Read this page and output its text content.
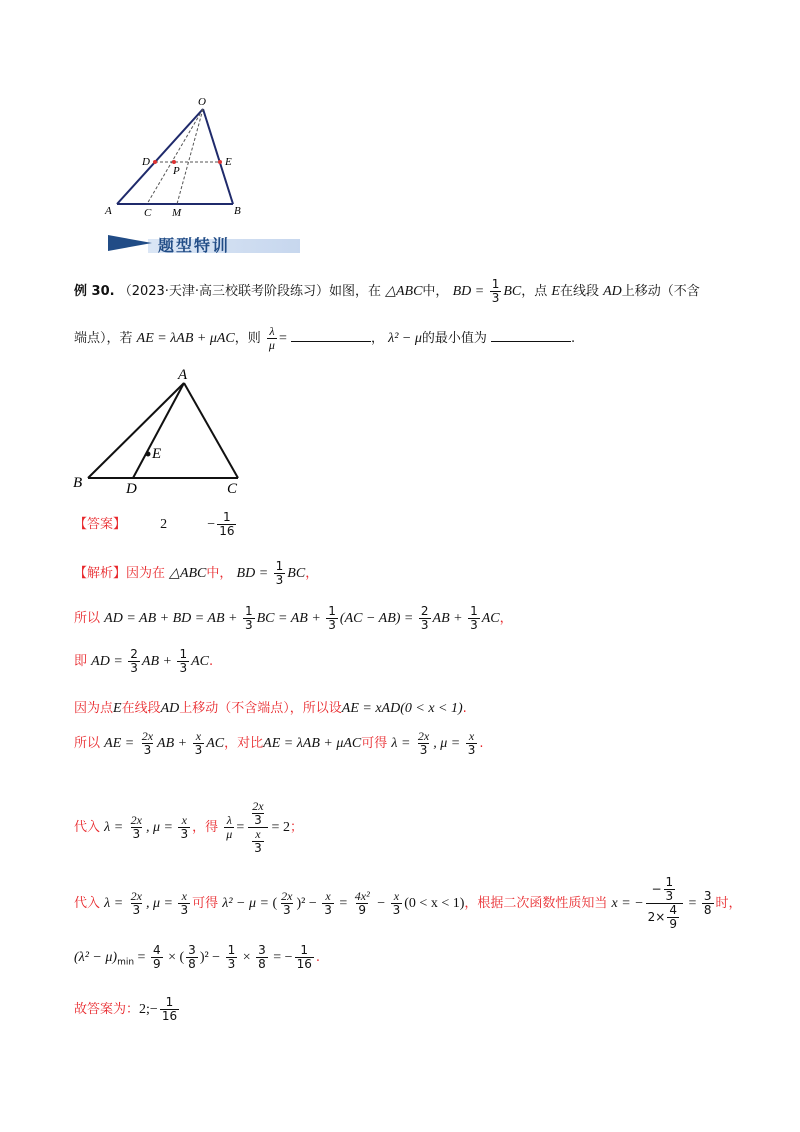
O
D	E
P
A	C M	B
题型特训
例 30. （2023·天津·高三校联考阶段练习）如图，在 △ABC中， BD = $\frac{1}{3}$ BC，点 E在线段 AD上移动（不含
端点），若 AE = λAB + μAC，则 $\frac{\lambda}{\mu}$ =	， λ² − μ的最小值为	.
A
E
B	D	C
【答案】 2	− $\frac{1}{16}$
【解析】因为在 △ABC中， BD = $\frac{1}{3}$ BC，
所以 AD = AB + BD = AB + $\frac{1}{3}$ BC = AB + $\frac{1}{3} (AC - AB) = \frac{2}{3}$ AB + $\frac{1}{3}$ AC，
即 AD = $\frac{2}{3}$ AB + $\frac{1}{3}$ AC.
因为点E在线段AD上移动（不含端点），所以设AE = xAD(0 < x < 1).
所以 AE = $\frac{2x}{3}$ AB + $\frac{x}{3}$ AC，对比AE = λAB + μAC可得 $\lambda = \frac{2x}{3}$ , $\mu = \frac{x}{3}$ .
代入 $\lambda = \frac{2x}{3}$ , $\mu = \frac{x}{3}$ ，得 $\frac{\lambda}{\mu} = \frac{\frac{2x}{3}}{\frac{x}{3}} = 2$；
代入 $\lambda = \frac{2x}{3}$ , $\mu = \frac{x}{3}$ 可得 λ² − μ = ( $\frac{2x}{3} )^2 - \frac{x}{3} = \frac{\text{4x²}}{9} - \frac{x}{3} (0 < x < 1)$，根据二次函数性质知当 x = − $\frac{- \frac{1}{3}}{2\times \frac{4}{9}} = \frac{3}{8}$ 时，
$(\lambda^2 - \mu)_{min} = \frac{4}{9}$ × ( $\frac{3}{8} )^2 - \frac{1}{3} \times \frac{3}{8}$ = − $\frac{1}{16}$ .
故答案为：2;− $\frac{1}{16}$
